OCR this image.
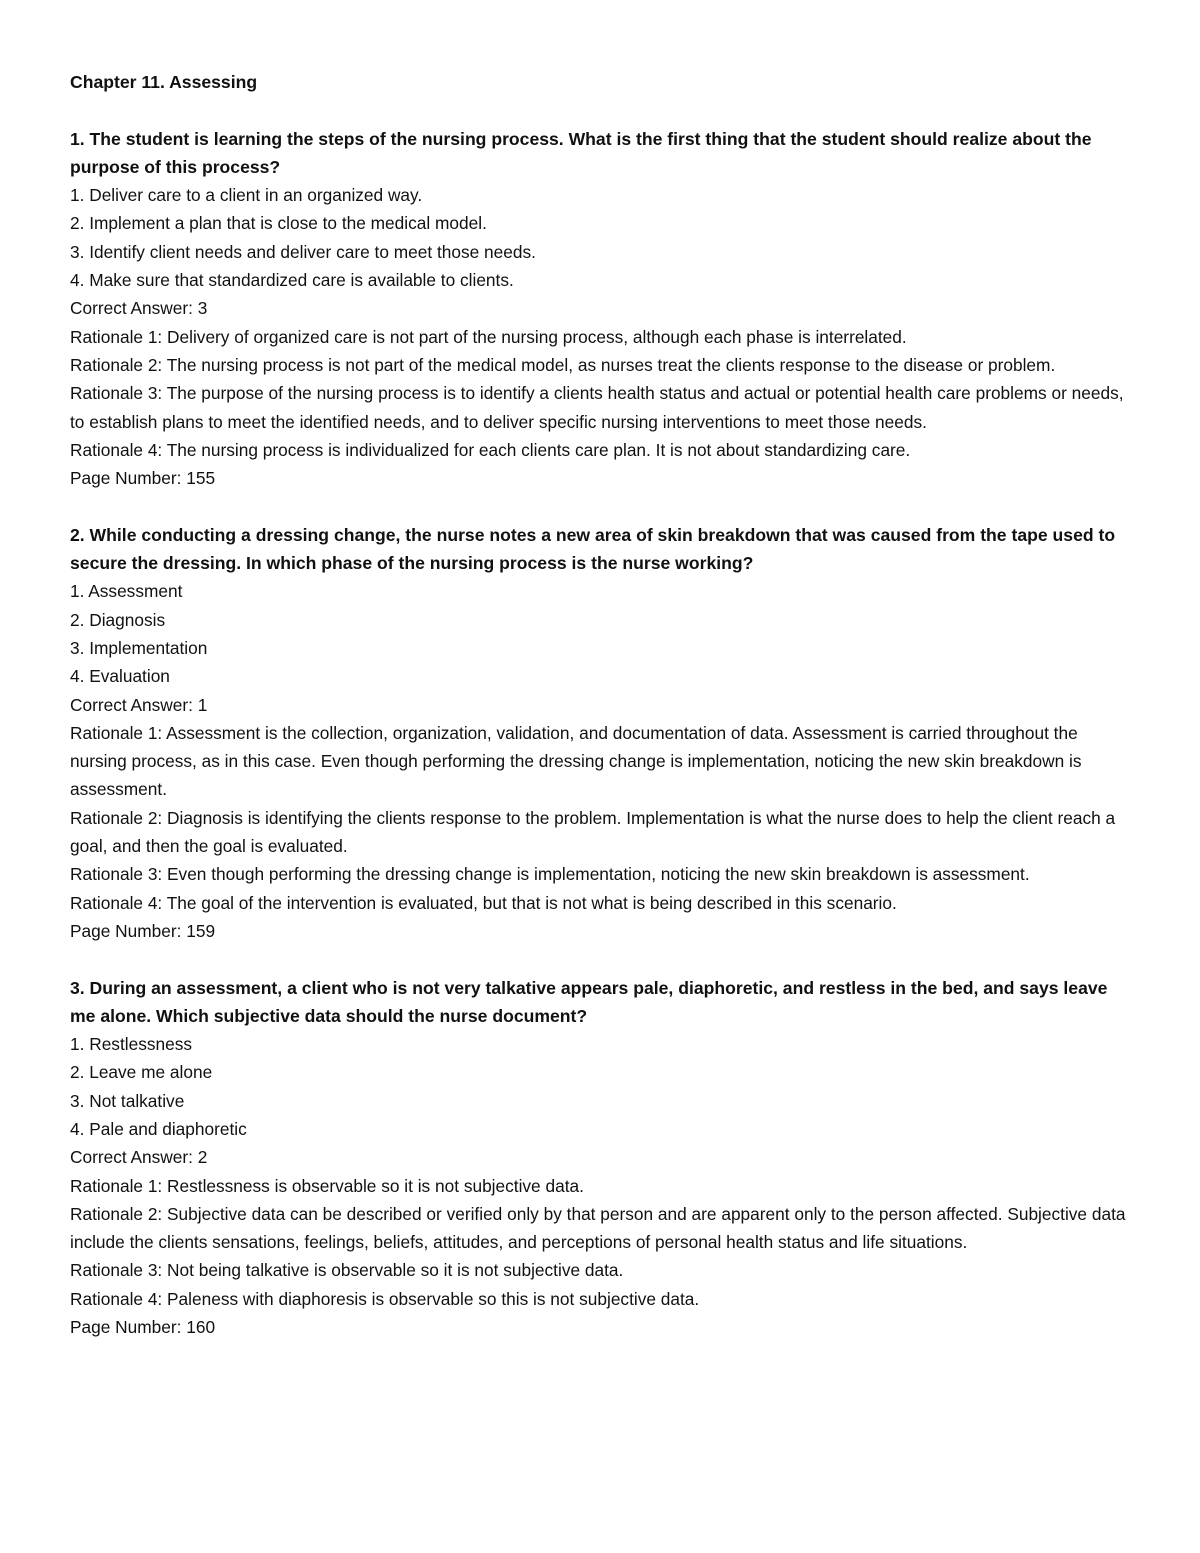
Chapter 11. Assessing

1. The student is learning the steps of the nursing process. What is the first thing that the student should realize about the purpose of this process?

1. Deliver care to a client in an organized way.

2. Implement a plan that is close to the medical model.

3. Identify client needs and deliver care to meet those needs.

4. Make sure that standardized care is available to clients.

Correct Answer: 3

Rationale 1: Delivery of organized care is not part of the nursing process, although each phase is interrelated.

Rationale 2: The nursing process is not part of the medical model, as nurses treat the clients response to the disease or problem.

Rationale 3: The purpose of the nursing process is to identify a clients health status and actual or potential health care problems or needs, to establish plans to meet the identified needs, and to deliver specific nursing interventions to meet those needs.

Rationale 4: The nursing process is individualized for each clients care plan. It is not about standardizing care.

Page Number: 155

2. While conducting a dressing change, the nurse notes a new area of skin breakdown that was caused from the tape used to secure the dressing. In which phase of the nursing process is the nurse working?

1. Assessment

2. Diagnosis

3. Implementation

4. Evaluation

Correct Answer: 1

Rationale 1: Assessment is the collection, organization, validation, and documentation of data. Assessment is carried throughout the nursing process, as in this case. Even though performing the dressing change is implementation, noticing the new skin breakdown is assessment.

Rationale 2: Diagnosis is identifying the clients response to the problem. Implementation is what the nurse does to help the client reach a goal, and then the goal is evaluated.

Rationale 3: Even though performing the dressing change is implementation, noticing the new skin breakdown is assessment.

Rationale 4: The goal of the intervention is evaluated, but that is not what is being described in this scenario.

Page Number: 159

3. During an assessment, a client who is not very talkative appears pale, diaphoretic, and restless in the bed, and says leave me alone. Which subjective data should the nurse document?

1. Restlessness

2. Leave me alone

3. Not talkative

4. Pale and diaphoretic

Correct Answer: 2

Rationale 1: Restlessness is observable so it is not subjective data.

Rationale 2: Subjective data can be described or verified only by that person and are apparent only to the person affected. Subjective data include the clients sensations, feelings, beliefs, attitudes, and perceptions of personal health status and life situations.

Rationale 3: Not being talkative is observable so it is not subjective data.

Rationale 4: Paleness with diaphoresis is observable so this is not subjective data.

Page Number: 160
